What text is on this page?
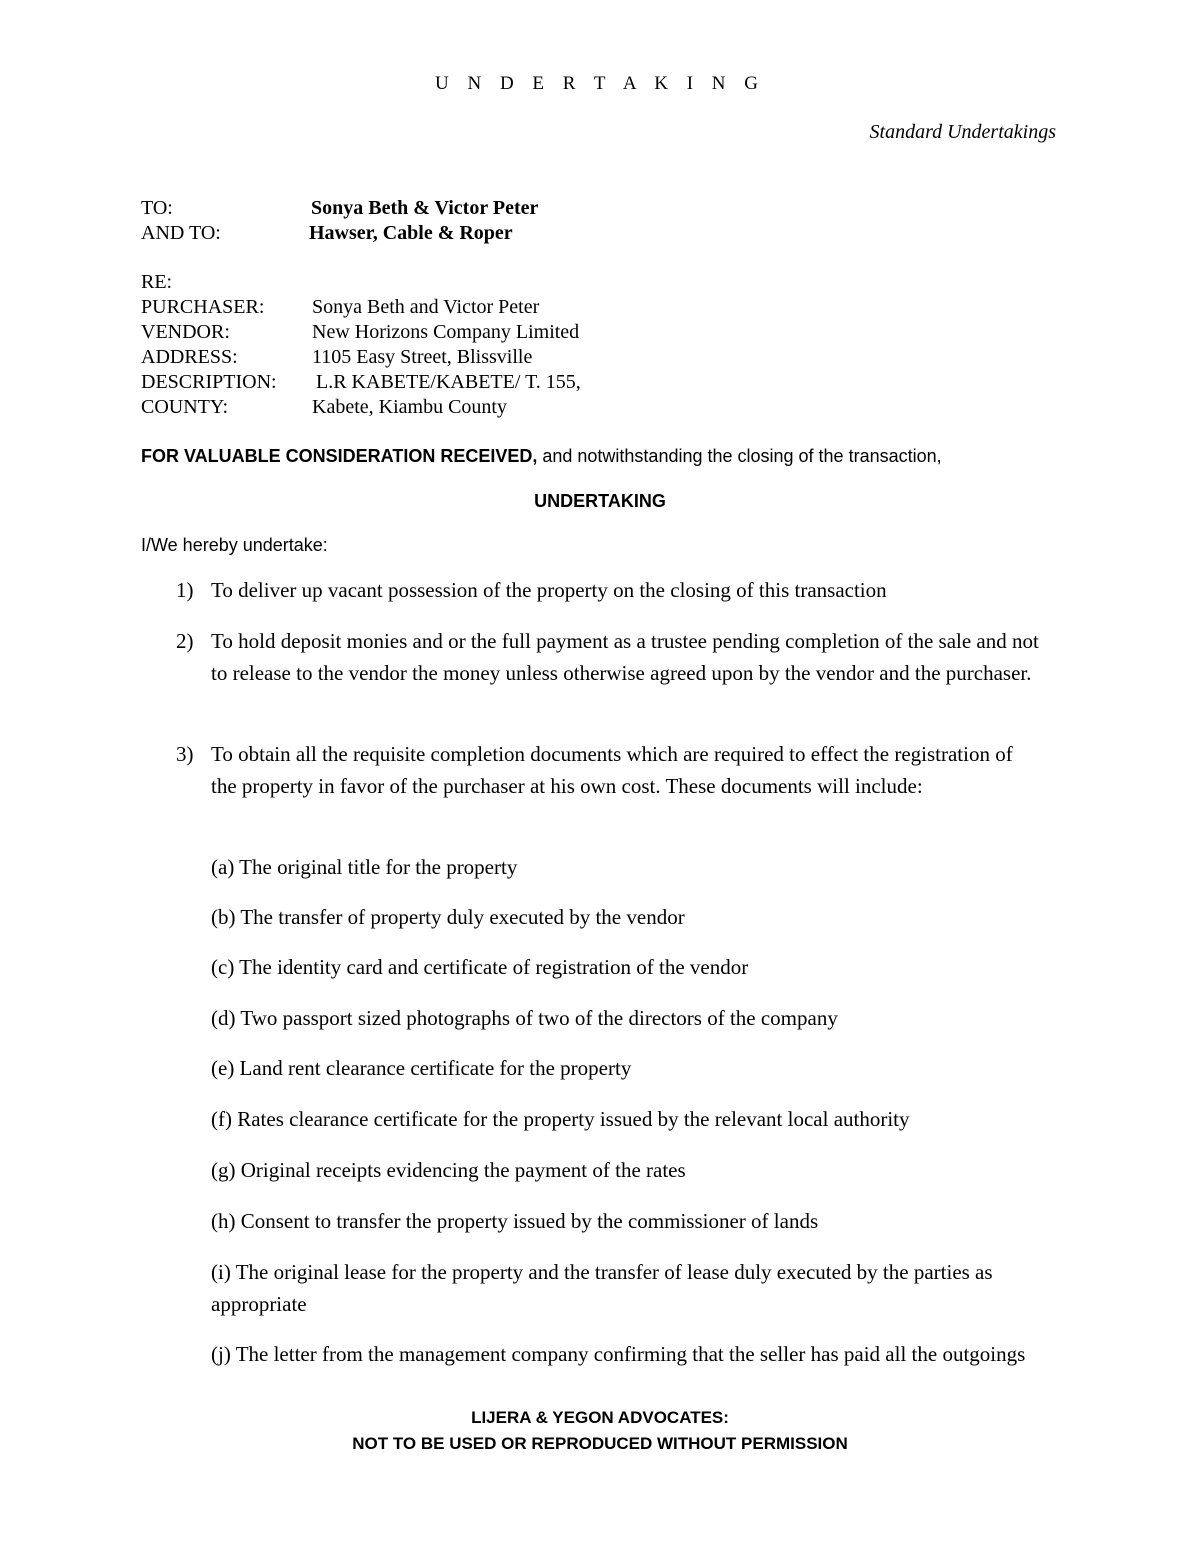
U N D E R T A K I N G
Standard Undertakings
TO:	Sonya Beth & Victor Peter
AND TO:	Hawser, Cable & Roper
RE:
PURCHASER: Sonya Beth and Victor Peter
VENDOR:	New Horizons Company Limited
ADDRESS:	1105 Easy Street, Blissville
DESCRIPTION: L.R KABETE/KABETE/ T. 155,
COUNTY:	Kabete, Kiambu County
FOR VALUABLE CONSIDERATION RECEIVED, and notwithstanding the closing of the transaction,
UNDERTAKING
I/We hereby undertake:
1) To deliver up vacant possession of the property on the closing of this transaction
2) To hold deposit monies and or the full payment as a trustee pending completion of the sale and not to release to the vendor the money unless otherwise agreed upon by the vendor and the purchaser.
3) To obtain all the requisite completion documents which are required to effect the registration of the property in favor of the purchaser at his own cost. These documents will include:
(a) The original title for the property
(b) The transfer of property duly executed by the vendor
(c) The identity card and certificate of registration of the vendor
(d) Two passport sized photographs of two of the directors of the company
(e) Land rent clearance certificate for the property
(f) Rates clearance certificate for the property issued by the relevant local authority
(g) Original receipts evidencing the payment of the rates
(h) Consent to transfer the property issued by the commissioner of lands
(i) The original lease for the property and the transfer of lease duly executed by the parties as appropriate
(j) The letter from the management company confirming that the seller has paid all the outgoings
LIJERA & YEGON ADVOCATES:
NOT TO BE USED OR REPRODUCED WITHOUT PERMISSION
